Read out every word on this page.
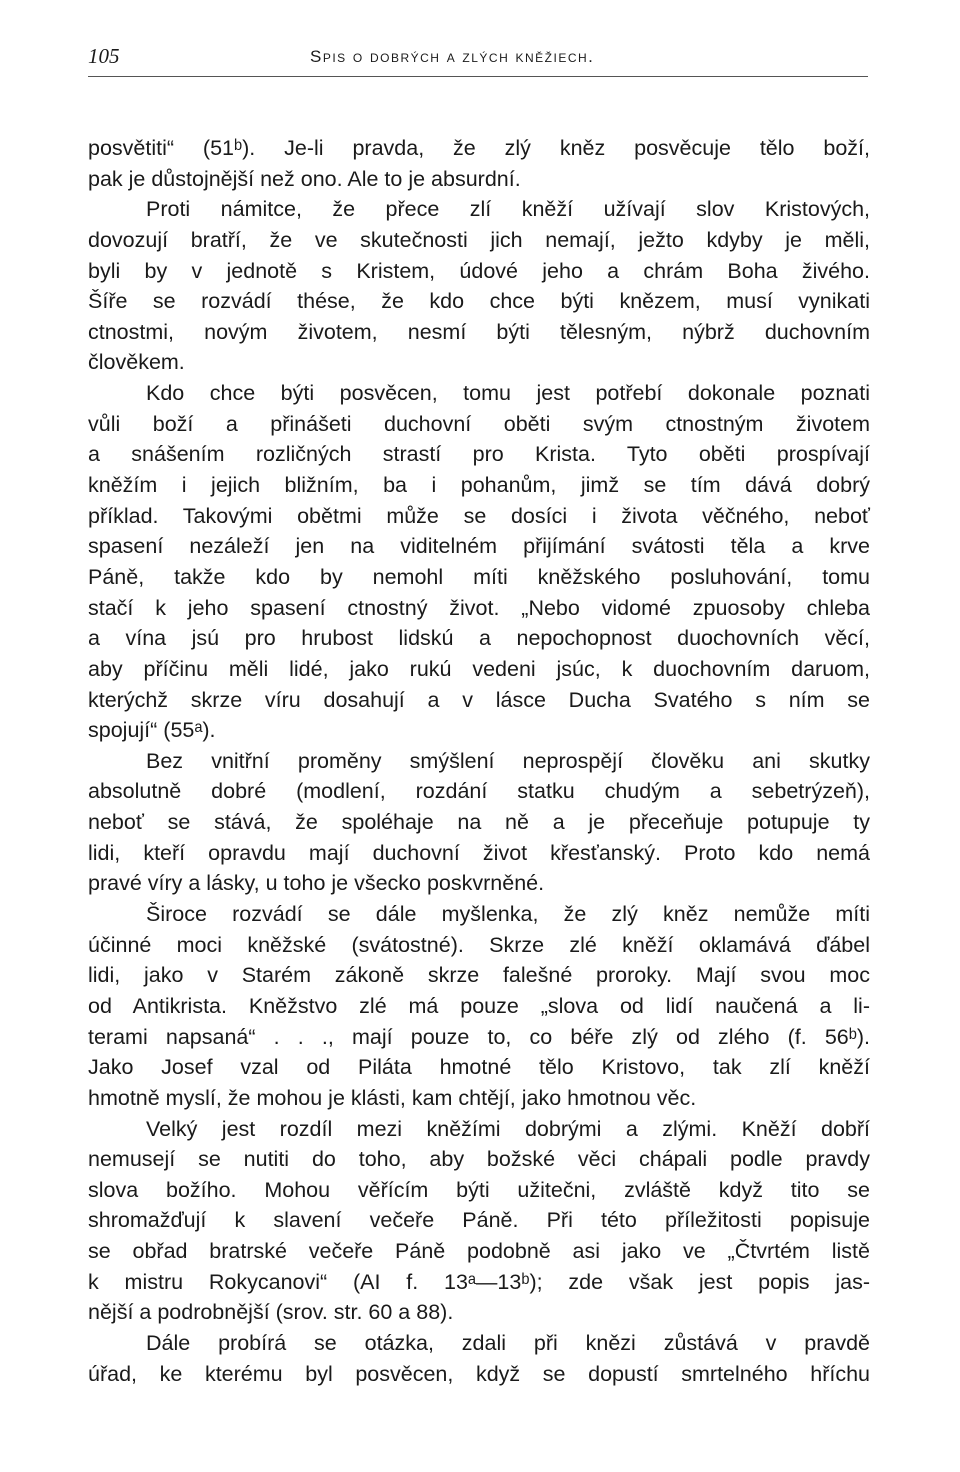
105	Spis o dobrých a zlých kněžiech.
posvětiti“ (51ᵇ). Je-li pravda, že zlý kněz posvěcuje tělo boží,
pak je důstojnější než ono. Ale to je absurdní.
Proti námitce, že přece zlí kněží užívají slov Kristových,
dovozují bratří, že ve skutečnosti jich nemají, ježto kdyby je měli,
byli by v jednotě s Kristem, údové jeho a chrám Boha živého.
Šíře se rozvádí thése, že kdo chce býti knězem, musí vynikati
ctnostmi, novým životem, nesmí býti tělesným, nýbrž duchovním
člověkem.
Kdo chce býti posvěcen, tomu jest potřebí dokonale poznati
vůli boží a přinášeti duchovní oběti svým ctnostným životem
a snášením rozličných strastí pro Krista. Tyto oběti prospívají
kněžím i jejich bližním, ba i pohanům, jimž se tím dává dobrý
příklad. Takovými obětmi může se dosíci i života věčného, neboť
spasení nezáleží jen na viditelném přijímání svátosti těla a krve
Páně, takže kdo by nemohl míti kněžského posluhování, tomu
stačí k jeho spasení ctnostný život. „Nebo vidomé zpuosoby chleba
a vína jsú pro hrubost lidskú a nepochopnost duochovních věcí,
aby příčinu měli lidé, jako rukú vedeni jsúc, k duochovním daruom,
kterýchž skrze víru dosahují a v lásce Ducha Svatého s ním se
spojují“ (55ᵃ).
Bez vnitřní proměny smýšlení neprospějí člověku ani skutky
absolutně dobré (modlení, rozdání statku chudým a sebetrýzeň),
neboť se stává, že spoléhaje na ně a je přeceňuje potupuje ty
lidi, kteří opravdu mají duchovní život křesťanský. Proto kdo nemá
pravé víry a lásky, u toho je všecko poskvrněné.
Široce rozvádí se dále myšlenka, že zlý kněz nemůže míti
účinné moci kněžské (svátostné). Skrze zlé kněží oklamává ďábel
lidi, jako v Starém zákoně skrze falešné proroky. Mají svou moc
od Antikrista. Kněžstvo zlé má pouze „slova od lidí naučená a li-
terami napsaná“ . . ., mají pouze to, co béře zlý od zlého (f. 56ᵇ).
Jako Josef vzal od Piláta hmotné tělo Kristovo, tak zlí kněží
hmotně myslí, že mohou je klásti, kam chtějí, jako hmotnou věc.
Velký jest rozdíl mezi kněžími dobrými a zlými. Kněží dobří
nemusejí se nutiti do toho, aby božské věci chápali podle pravdy
slova božího. Mohou věřícím býti užitečni, zvláště když tito se
shromažďují k slavení večeře Páně. Při této příležitosti popisuje
se obřad bratrské večeře Páně podobně asi jako ve „Čtvrtém listě
k mistru Rokycanovi“ (AI f. 13ᵃ—13ᵇ); zde však jest popis jas-
nější a podrobnější (srov. str. 60 a 88).
Dále probírá se otázka, zdali při knězi zůstává v pravdě
úřad, ke kterému byl posvěcen, když se dopustí smrtelného hříchu
